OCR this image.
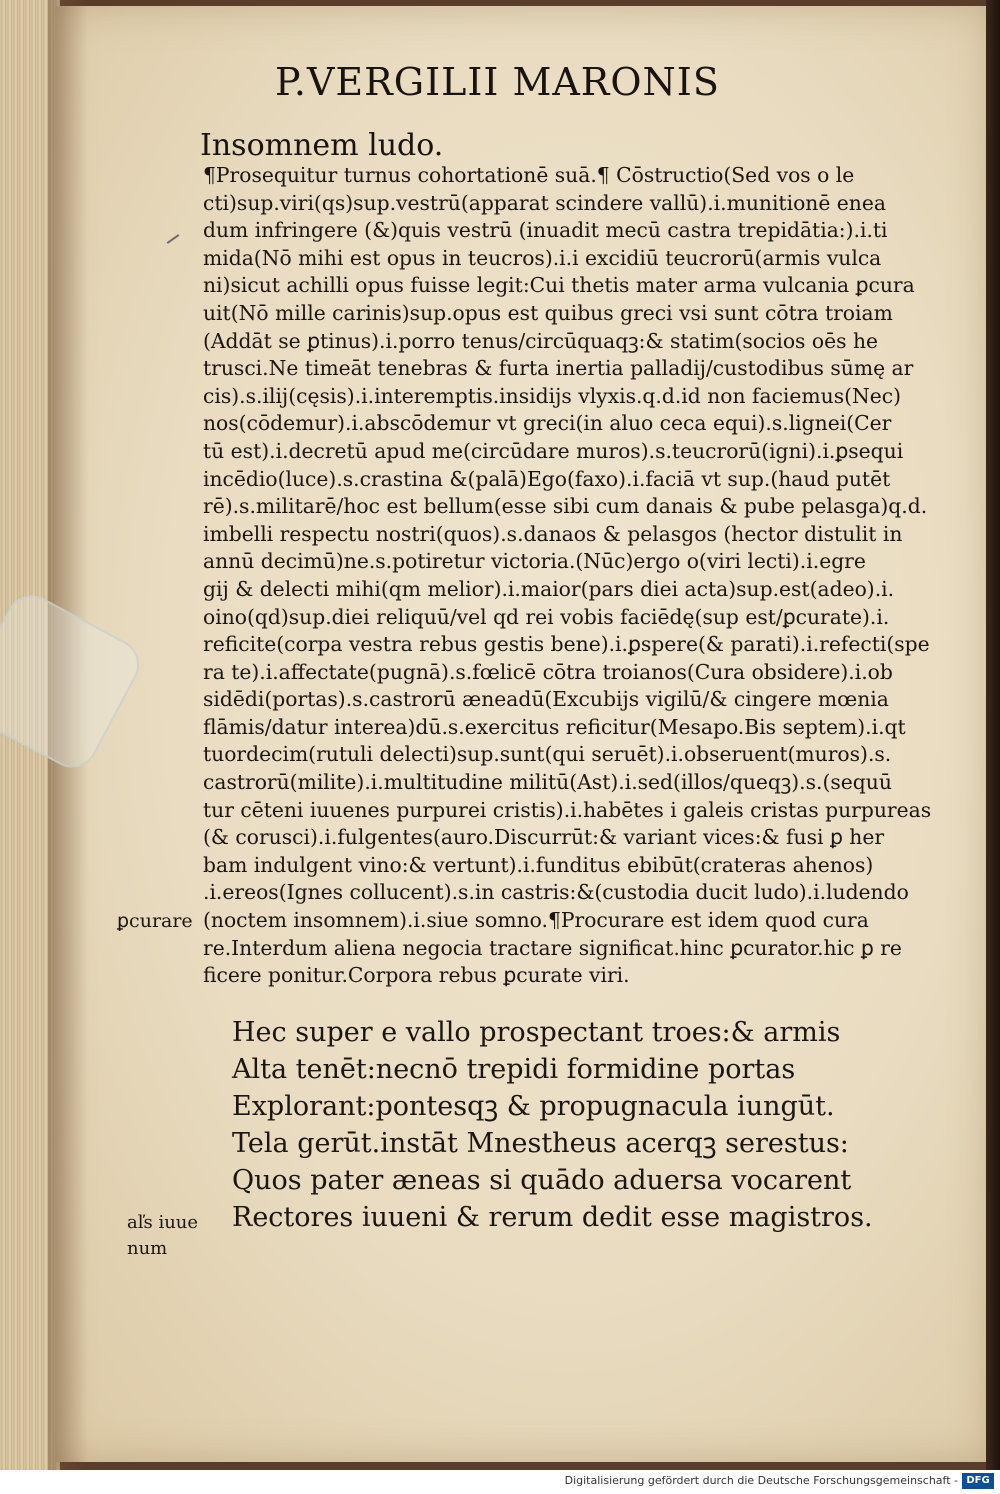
P.VERGILII MARONIS
Insomnem ludo.
¶Prosequitur turnus cohortationē suā.¶ Cōstructio(Sed vos o le
cti)sup.viri(qs)sup.vestrū(apparat scindere vallū).i.munitionē enea
dum infringere (&)quis vestrū (inuadit mecū castra trepidātia:).i.ti
mida(Nō mihi est opus in teucros).i.i excidiū teucrorū(armis vulca
ni)sicut achilli opus fuisse legit:Cui thetis mater arma vulcania ꝑcura
uit(Nō mille carinis)sup.opus est quibus greci vsi sunt cōtra troiam
(Addāt se ꝑtinus).i.porro tenus/circūquaqꝫ:& statim(socios oēs he
trusci.Ne timeāt tenebras & furta inertia palladij/custodibus sūmę ar
cis).s.ilij(cęsis).i.interemptis.insidijs vlyxis.q.d.id non faciemus(Nec)
nos(cōdemur).i.abscōdemur vt greci(in aluo ceca equi).s.lignei(Cer
tū est).i.decretū apud me(circūdare muros).s.teucrorū(igni).i.ꝑsequi
incēdio(luce).s.crastina &(palā)Ego(faxo).i.faciā vt sup.(haud putēt
rē).s.militarē/hoc est bellum(esse sibi cum danais & pube pelasga)q.d.
imbelli respectu nostri(quos).s.danaos & pelasgos (hector distulit in
annū decimū)ne.s.potiretur victoria.(Nūc)ergo o(viri lecti).i.egre
gij & delecti mihi(qm melior).i.maior(pars diei acta)sup.est(adeo).i.
oino(qd)sup.diei reliquū/vel qd rei vobis faciēdę(sup est/ꝑcurate).i.
reficite(corpa vestra rebus gestis bene).i.ꝑspere(& parati).i.refecti(spe
ra te).i.affectate(pugnā).s.fœlicē cōtra troianos(Cura obsidere).i.ob
sidēdi(portas).s.castrorū æneadū(Excubijs vigilū/& cingere mœnia
flāmis/datur interea)dū.s.exercitus reficitur(Mesapo.Bis septem).i.qt
tuordecim(rutuli delecti)sup.sunt(qui seruēt).i.obseruent(muros).s.
castrorū(milite).i.multitudine militū(Ast).i.sed(illos/queqꝫ).s.(sequū
tur cēteni iuuenes purpurei cristis).i.habētes i galeis cristas purpureas
(& corusci).i.fulgentes(auro.Discurrūt:& variant vices:& fusi ꝑ her
bam indulgent vino:& vertunt).i.funditus ebibūt(crateras ahenos)
.i.ereos(Ignes collucent).s.in castris:&(custodia ducit ludo).i.ludendo
(noctem insomnem).i.siue somno.¶Procurare est idem quod cura
re.Interdum aliena negocia tractare significat.hinc ꝑcurator.hic ꝑ re
ficere ponitur.Corpora rebus ꝑcurate viri.
ꝑcurare
aľs iuue num
Hec super e vallo prospectant troes:& armis
Alta tenēt:necnō trepidi formidine portas
Explorant:pontesqꝫ & propugnacula iungūt.
Tela gerūt.instāt Mnestheus acerqꝫ serestus:
Quos pater æneas si quādo aduersa vocarent
Rectores iuueni & rerum dedit esse magistros.
Digitalisierung gefördert durch die Deutsche Forschungsgemeinschaft - DFG
